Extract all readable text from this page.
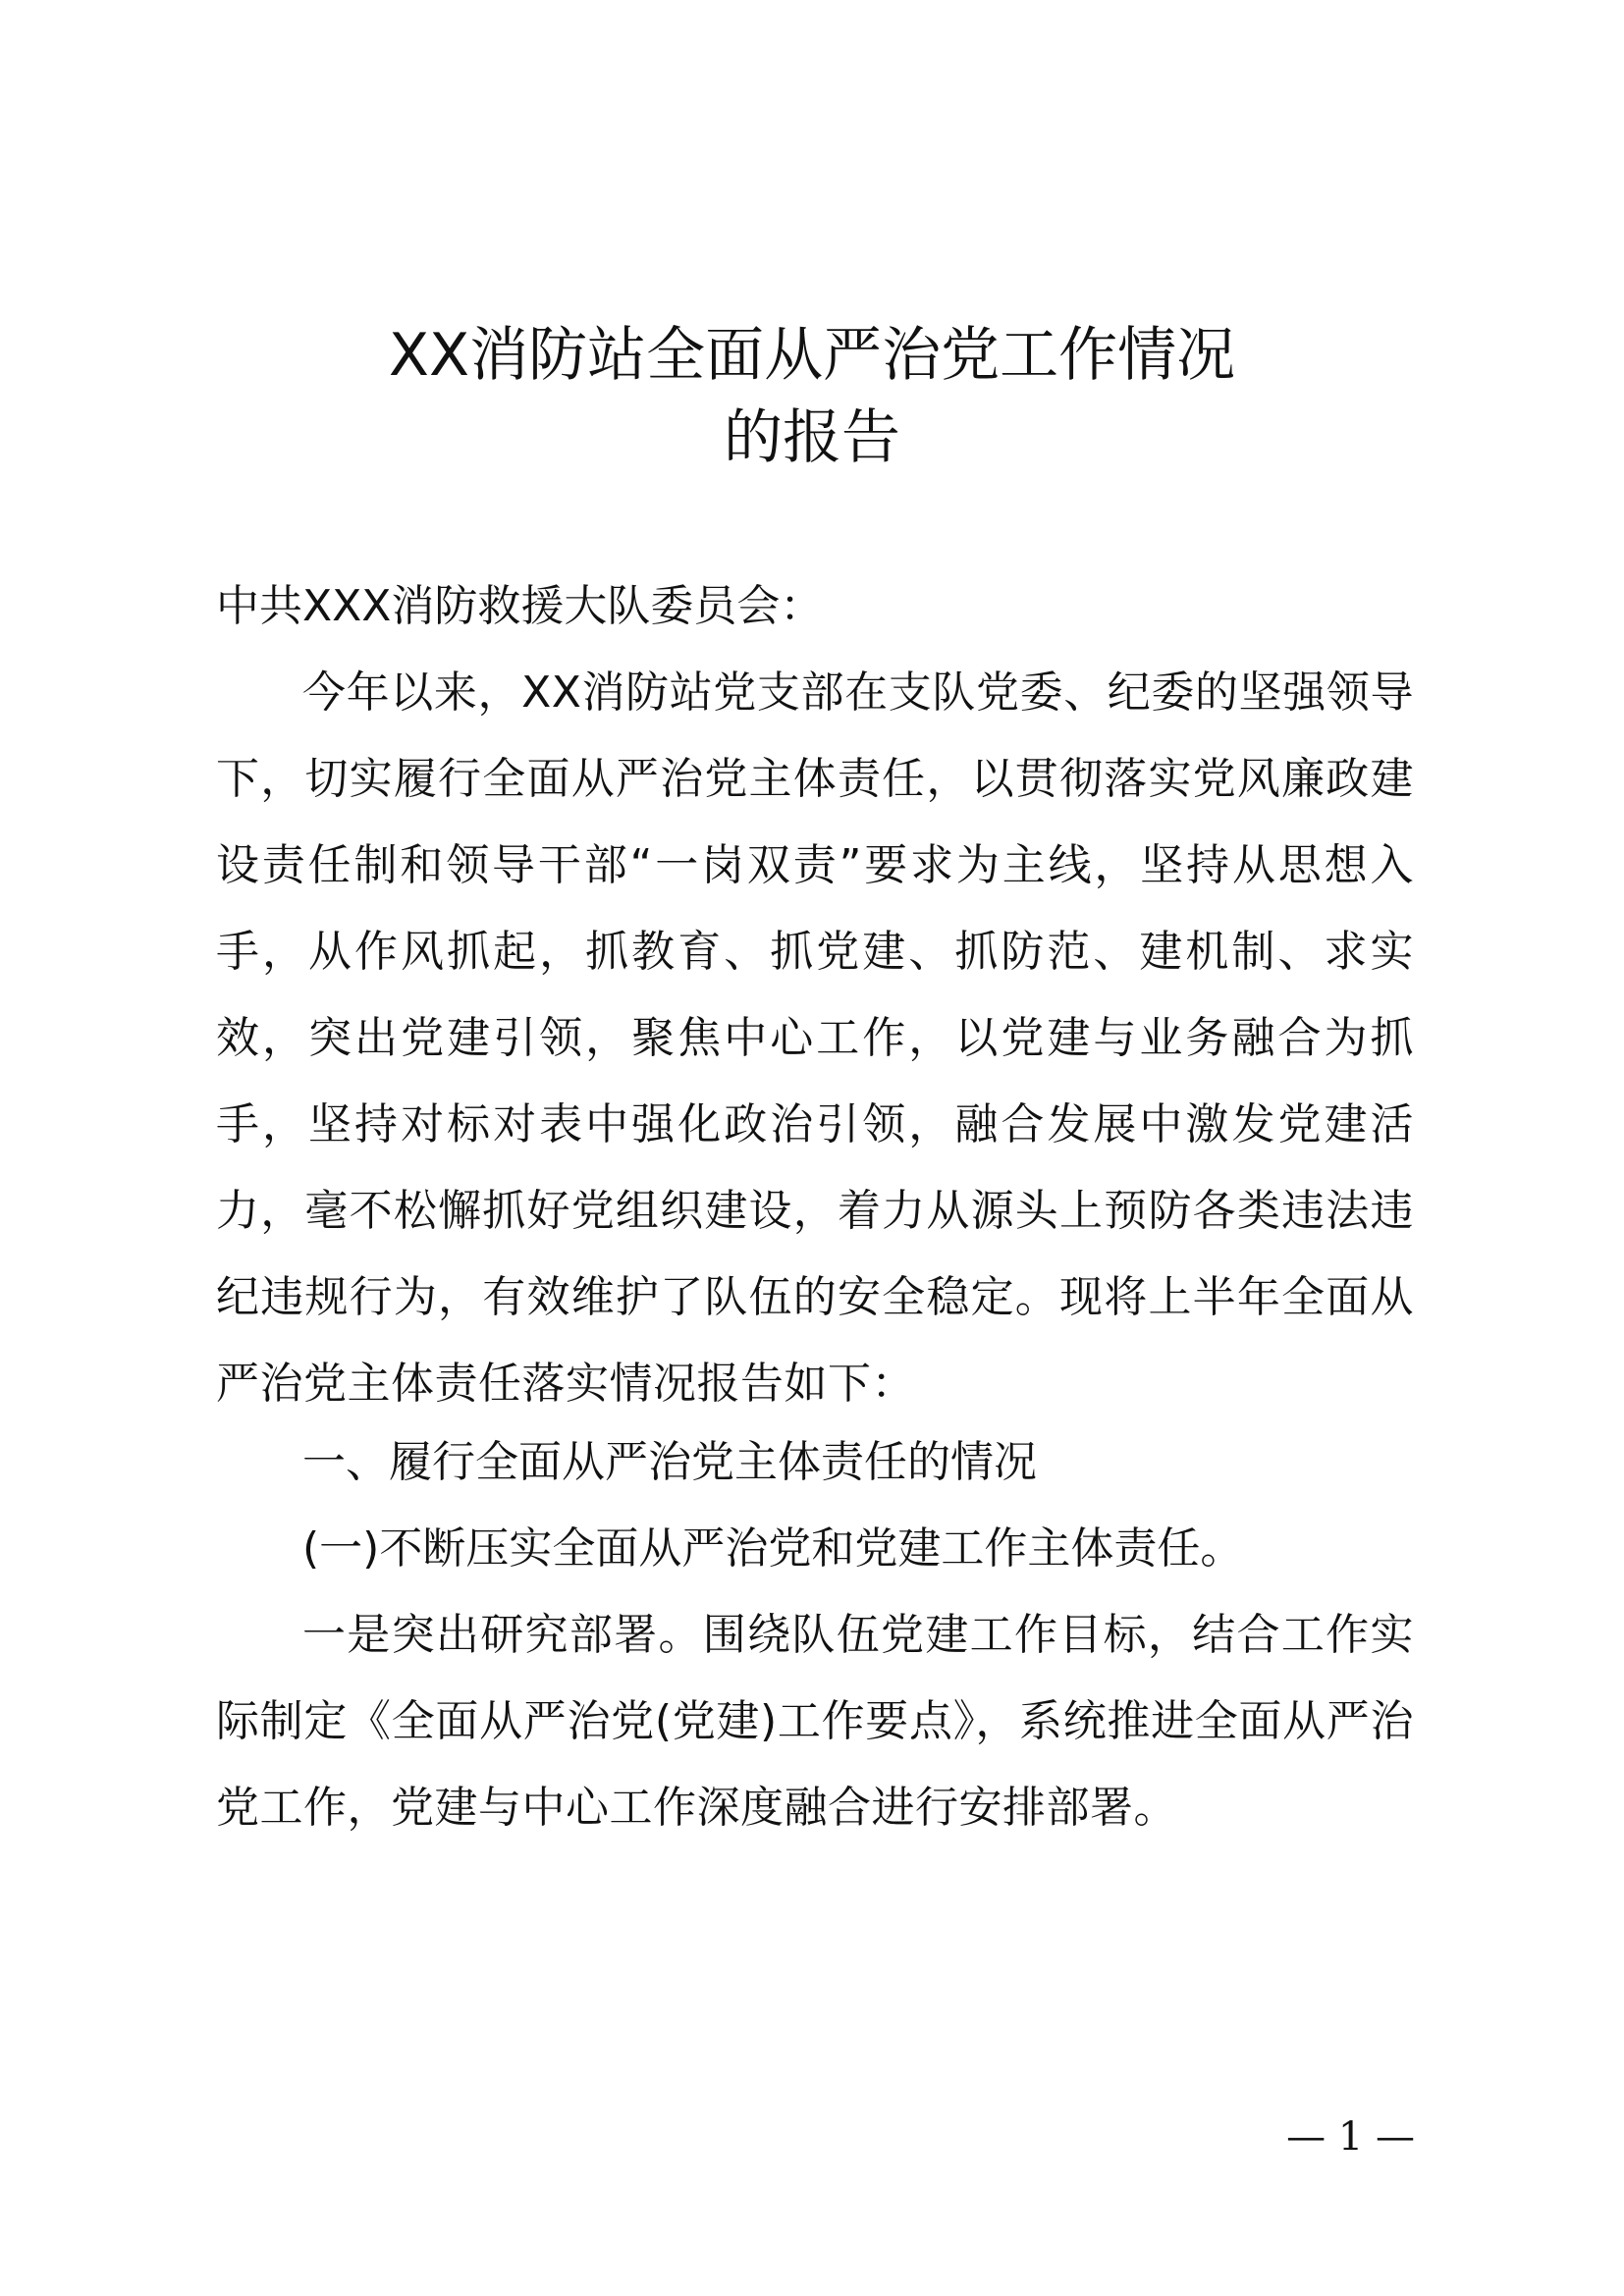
XX消防站全面从严治党工作情况
的报告
中共XXX消防救援大队委员会：

今年以来，XX消防站党支部在支队党委、纪委的坚强领导下，切实履行全面从严治党主体责任，以贯彻落实党风廉政建设责任制和领导干部“一岗双责”要求为主线，坚持从思想入手，从作风抓起，抓教育、抓党建、抓防范、建机制、求实效，突出党建引领，聚焦中心工作，以党建与业务融合为抓手，坚持对标对表中强化政治引领，融合发展中激发党建活力，毫不松懈抓好党组织建设，着力从源头上预防各类违法违纪违规行为，有效维护了队伍的安全稳定。现将上半年全面从严治党主体责任落实情况报告如下：

一、履行全面从严治党主体责任的情况
(一)不断压实全面从严治党和党建工作主体责任。

一是突出研究部署。围绕队伍党建工作目标，结合工作实际制定《全面从严治党(党建)工作要点》，系统推进全面从严治党工作，党建与中心工作深度融合进行安排部署。

— 1 —
